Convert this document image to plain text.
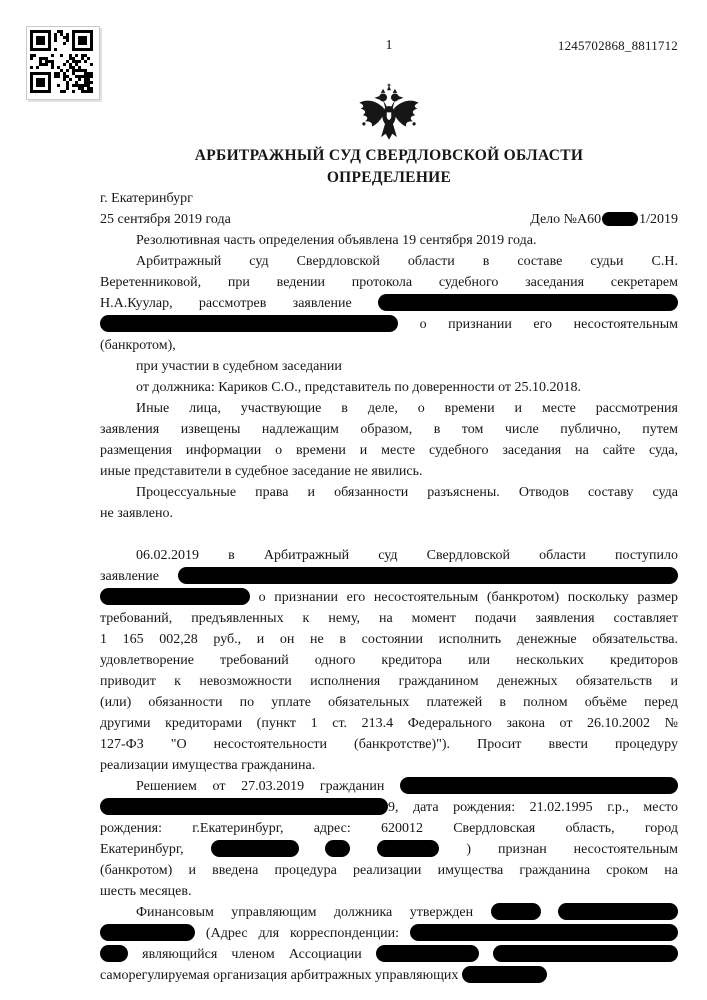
1	1245702868_8811712
АРБИТРАЖНЫЙ СУД СВЕРДЛОВСКОЙ ОБЛАСТИ
ОПРЕДЕЛЕНИЕ
г. Екатеринбург
25 сентября 2019 года	Дело №А60	1/2019
Резолютивная часть определения объявлена 19 сентября 2019 года.
Арбитражный суд Свердловской области в составе судьи С.Н.
Веретенниковой, при ведении протокола судебного заседания секретарем
Н.А.Куулар, рассмотрев заявление
о признании его несостоятельным
(банкротом),
при участии в судебном заседании
от должника: Кариков С.О., представитель по доверенности от 25.10.2018.
Иные лица, участвующие в деле, о времени и месте рассмотрения
заявления извещены надлежащим образом, в том числе публично, путем
размещения информации о времени и месте судебного заседания на сайте суда,
иные представители в судебное заседание не явились.
Процессуальные права и обязанности разъяснены. Отводов составу суда
не заявлено.
06.02.2019 в Арбитражный суд Свердловской области поступило
заявление
о признании его несостоятельным (банкротом) поскольку размер
требований, предъявленных к нему, на момент подачи заявления составляет
1 165 002,28 руб., и он не в состоянии исполнить денежные обязательства.
удовлетворение требований одного кредитора или нескольких кредиторов
приводит к невозможности исполнения гражданином денежных обязательств и
(или) обязанности по уплате обязательных платежей в полном объёме перед
другими кредиторами (пункт 1 ст. 213.4 Федерального закона от 26.10.2002 №
127-ФЗ "О несостоятельности (банкротстве)"). Просит ввести процедуру
реализации имущества гражданина.
Решением от 27.03.2019 гражданин
9, дата рождения: 21.02.1995 г.р., место
рождения: г.Екатеринбург, адрес: 620012 Свердловская область, город
Екатеринбург,	) признан несостоятельным
(банкротом) и введена процедура реализации имущества гражданина сроком на
шесть месяцев.
Финансовым управляющим должника утвержден
(Адрес для корреспонденции:
являющийся членом Ассоциации
саморегулируемая организация арбитражных управляющих
